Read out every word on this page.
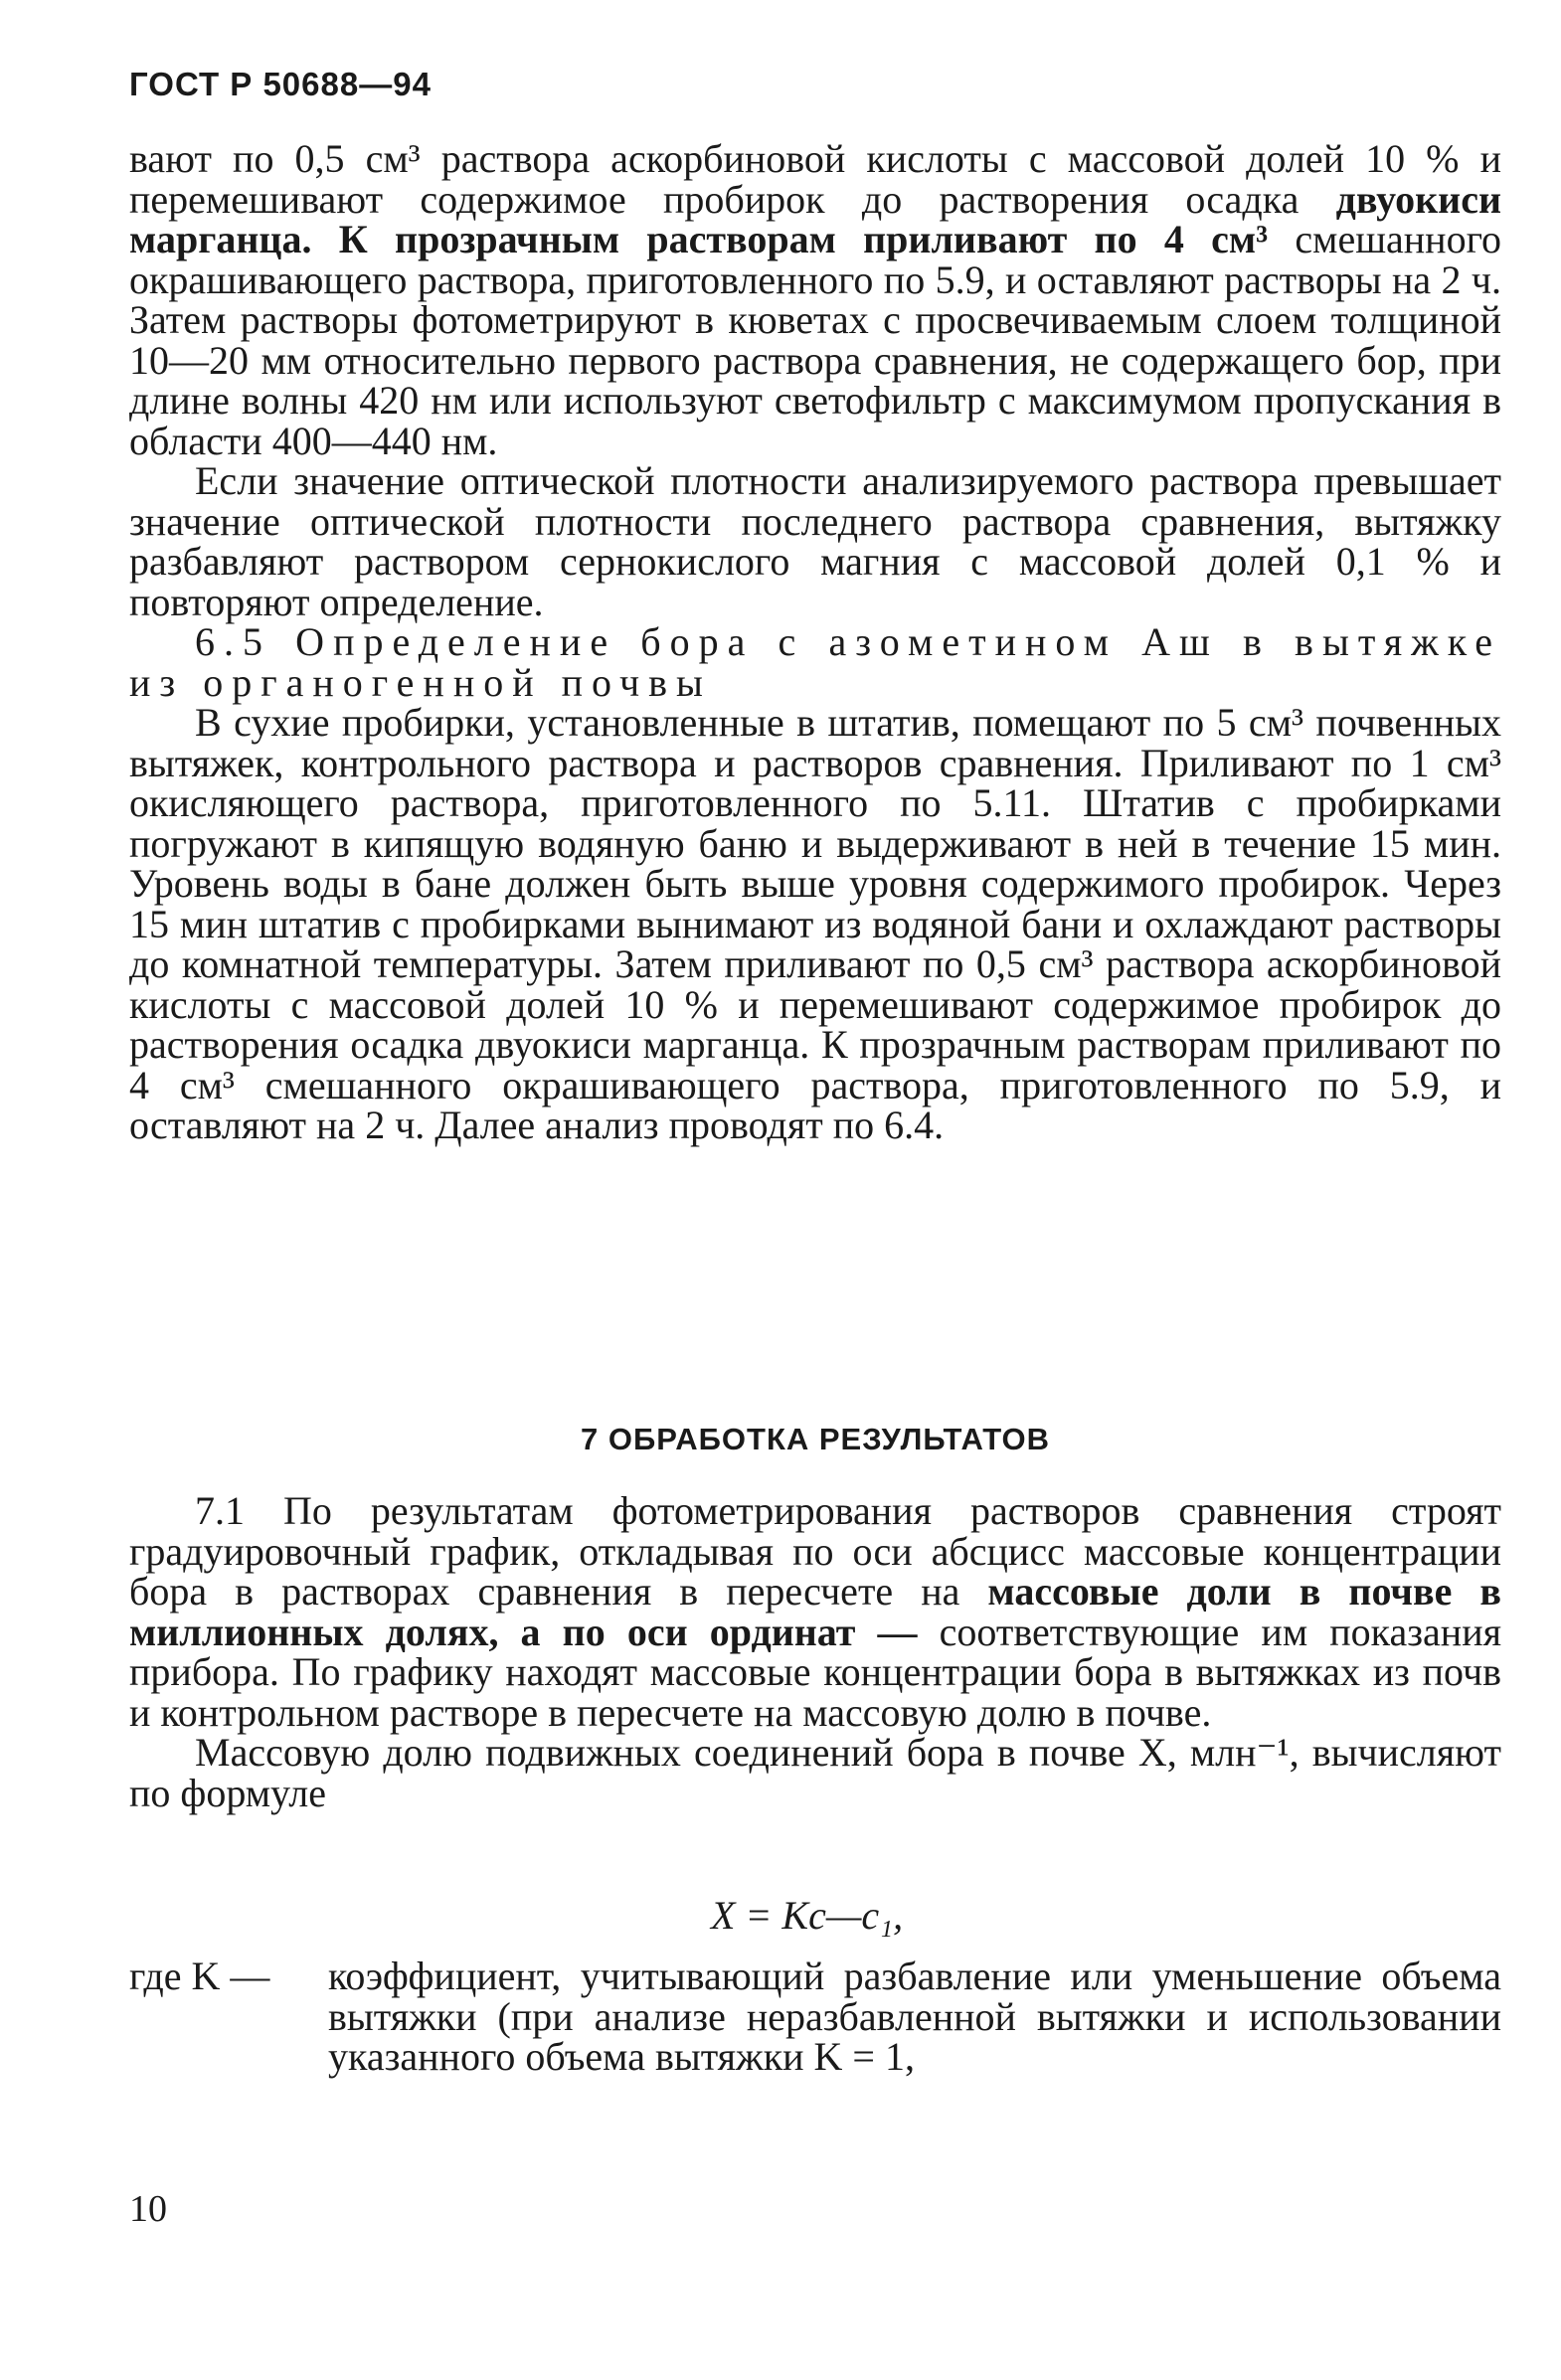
ГОСТ Р 50688—94

вают по 0,5 см³ раствора аскорбиновой кислоты с массовой долей 10 % и перемешивают содержимое пробирок до растворения осадка двуокиси марганца. К прозрачным растворам приливают по 4 см³ смешанного окрашивающего раствора, приготовленного по 5.9, и оставляют растворы на 2 ч. Затем растворы фотометрируют в кюветах с просвечиваемым слоем толщиной 10—20 мм относительно первого раствора сравнения, не содержащего бор, при длине волны 420 нм или используют светофильтр с максимумом пропускания в области 400—440 нм.

Если значение оптической плотности анализируемого раствора превышает значение оптической плотности последнего раствора сравнения, вытяжку разбавляют раствором сернокислого магния с массовой долей 0,1 % и повторяют определение.

6.5 Определение бора с азометином Аш в вытяжке из органогенной почвы

В сухие пробирки, установленные в штатив, помещают по 5 см³ почвенных вытяжек, контрольного раствора и растворов сравнения. Приливают по 1 см³ окисляющего раствора, приготовленного по 5.11. Штатив с пробирками погружают в кипящую водяную баню и выдерживают в ней в течение 15 мин. Уровень воды в бане должен быть выше уровня содержимого пробирок. Через 15 мин штатив с пробирками вынимают из водяной бани и охлаждают растворы до комнатной температуры. Затем приливают по 0,5 см³ раствора аскорбиновой кислоты с массовой долей 10 % и перемешивают содержимое пробирок до растворения осадка двуокиси марганца. К прозрачным растворам приливают по 4 см³ смешанного окрашивающего раствора, приготовленного по 5.9, и оставляют на 2 ч. Далее анализ проводят по 6.4.

7 ОБРАБОТКА РЕЗУЛЬТАТОВ

7.1 По результатам фотометрирования растворов сравнения строят градуировочный график, откладывая по оси абсцисс массовые концентрации бора в растворах сравнения в пересчете на массовые доли в почве в миллионных долях, а по оси ординат — соответствующие им показания прибора. По графику находят массовые концентрации бора в вытяжках из почв и контрольном растворе в пересчете на массовую долю в почве.

Массовую долю подвижных соединений бора в почве X, млн⁻¹, вычисляют по формуле

X = Kc—c₁,
где K — коэффициент, учитывающий разбавление или уменьшение объема вытяжки (при анализе неразбавленной вытяжки и использовании указанного объема вытяжки K = 1,
10
